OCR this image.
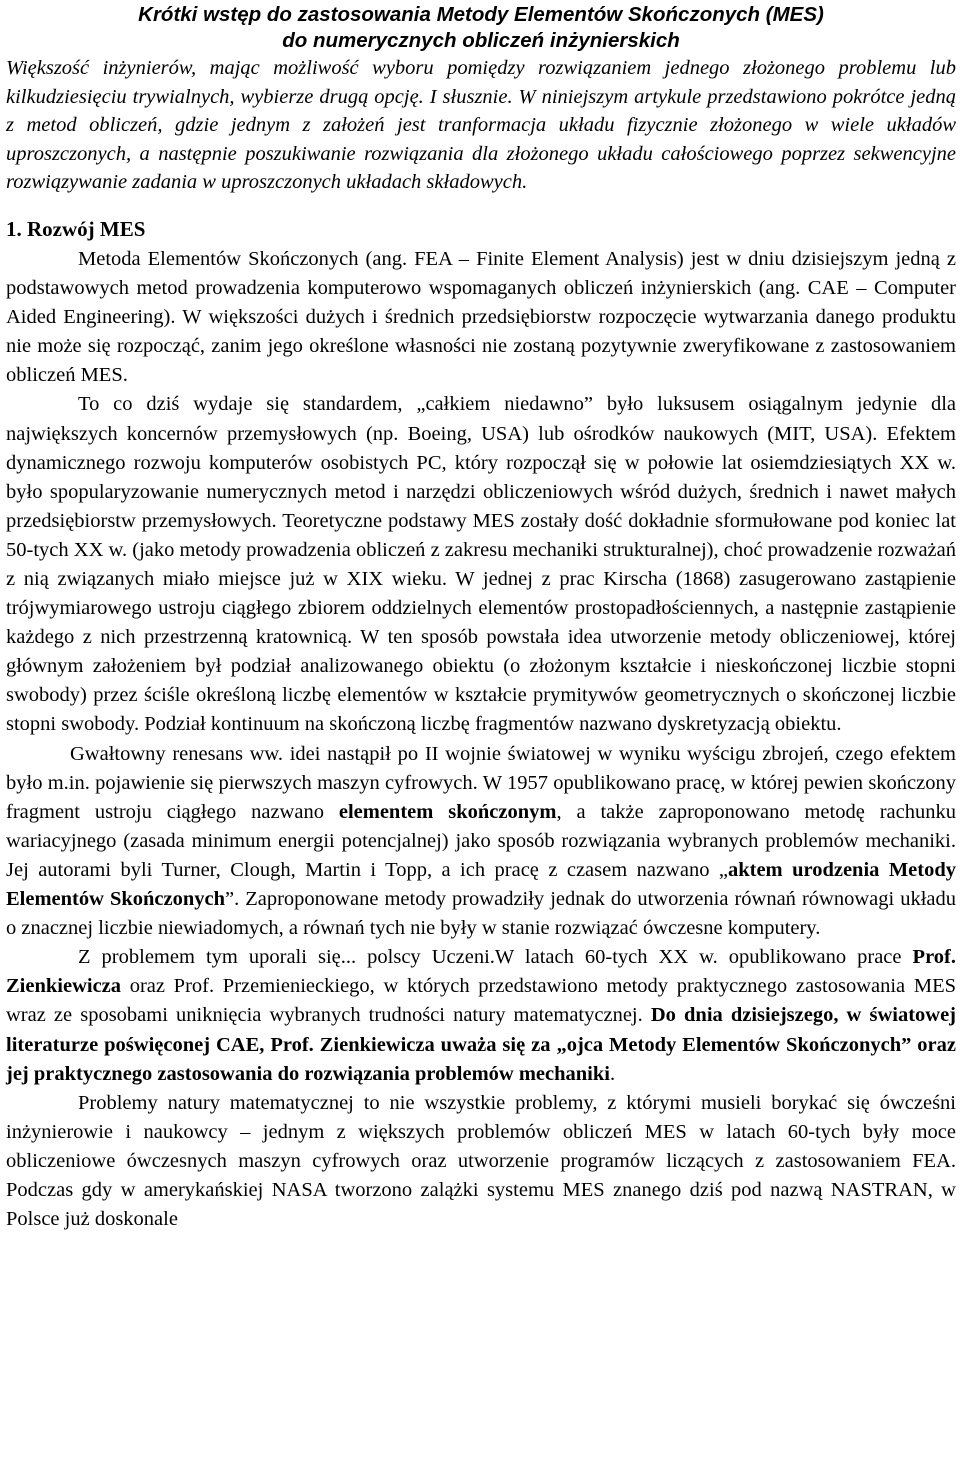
Krótki wstęp do zastosowania Metody Elementów Skończonych (MES)

do numerycznych obliczeń inżynierskich

Większość inżynierów, mając możliwość wyboru pomiędzy rozwiązaniem jednego złożonego problemu lub kilkudziesięciu trywialnych, wybierze drugą opcję. I słusznie. W niniejszym artykule przedstawiono pokrótce jedną z metod obliczeń, gdzie jednym z założeń jest tranformacja układu fizycznie złożonego w wiele układów uproszczonych, a następnie poszukiwanie rozwiązania dla złożonego układu całościowego poprzez sekwencyjne rozwiązywanie zadania w uproszczonych układach składowych.

1. Rozwój MES

Metoda Elementów Skończonych (ang. FEA – Finite Element Analysis) jest w dniu dzisiejszym jedną z podstawowych metod prowadzenia komputerowo wspomaganych obliczeń inżynierskich (ang. CAE – Computer Aided Engineering). W większości dużych i średnich przedsiębiorstw rozpoczęcie wytwarzania danego produktu nie może się rozpocząć, zanim jego określone własności nie zostaną pozytywnie zweryfikowane z zastosowaniem obliczeń MES.

To co dziś wydaje się standardem, „całkiem niedawno” było luksusem osiągalnym jedynie dla największych koncernów przemysłowych (np. Boeing, USA) lub ośrodków naukowych (MIT, USA). Efektem dynamicznego rozwoju komputerów osobistych PC, który rozpoczął się w połowie lat osiemdziesiątych XX w. było spopularyzowanie numerycznych metod i narzędzi obliczeniowych wśród dużych, średnich i nawet małych przedsiębiorstw przemysłowych. Teoretyczne podstawy MES zostały dość dokładnie sformułowane pod koniec lat 50-tych XX w. (jako metody prowadzenia obliczeń z zakresu mechaniki strukturalnej), choć prowadzenie rozważań z nią związanych miało miejsce już w XIX wieku. W jednej z prac Kirscha (1868) zasugerowano zastąpienie trójwymiarowego ustroju ciągłego zbiorem oddzielnych elementów prostopadłościennych, a następnie zastąpienie każdego z nich przestrzenną kratownicą. W ten sposób powstała idea utworzenie metody obliczeniowej, której głównym założeniem był podział analizowanego obiektu (o złożonym kształcie i nieskończonej liczbie stopni swobody) przez ściśle określoną liczbę elementów w kształcie prymitywów geometrycznych o skończonej liczbie stopni swobody. Podział kontinuum na skończoną liczbę fragmentów nazwano dyskretyzacją obiektu.

Gwałtowny renesans ww. idei nastąpił po II wojnie światowej w wyniku wyścigu zbrojeń, czego efektem było m.in. pojawienie się pierwszych maszyn cyfrowych. W 1957 opublikowano pracę, w której pewien skończony fragment ustroju ciągłego nazwano elementem skończonym, a także zaproponowano metodę rachunku wariacyjnego (zasada minimum energii potencjalnej) jako sposób rozwiązania wybranych problemów mechaniki. Jej autorami byli Turner, Clough, Martin i Topp, a ich pracę z czasem nazwano „aktem urodzenia Metody Elementów Skończonych”. Zaproponowane metody prowadziły jednak do utworzenia równań równowagi układu o znacznej liczbie niewiadomych, a równań tych nie były w stanie rozwiązać ówczesne komputery.

Z problemem tym uporali się... polscy Uczeni.W latach 60-tych XX w. opublikowano prace Prof. Zienkiewicza oraz Prof. Przemienieckiego, w których przedstawiono metody praktycznego zastosowania MES wraz ze sposobami uniknięcia wybranych trudności natury matematycznej. Do dnia dzisiejszego, w światowej literaturze poświęconej CAE, Prof. Zienkiewicza uważa się za „ojca Metody Elementów Skończonych” oraz jej praktycznego zastosowania do rozwiązania problemów mechaniki.

Problemy natury matematycznej to nie wszystkie problemy, z którymi musieli borykać się ówcześni inżynierowie i naukowcy – jednym z większych problemów obliczeń MES w latach 60-tych były moce obliczeniowe ówczesnych maszyn cyfrowych oraz utworzenie programów liczących z zastosowaniem FEA. Podczas gdy w amerykańskiej NASA tworzono zalążki systemu MES znanego dziś pod nazwą NASTRAN, w Polsce już doskonale
